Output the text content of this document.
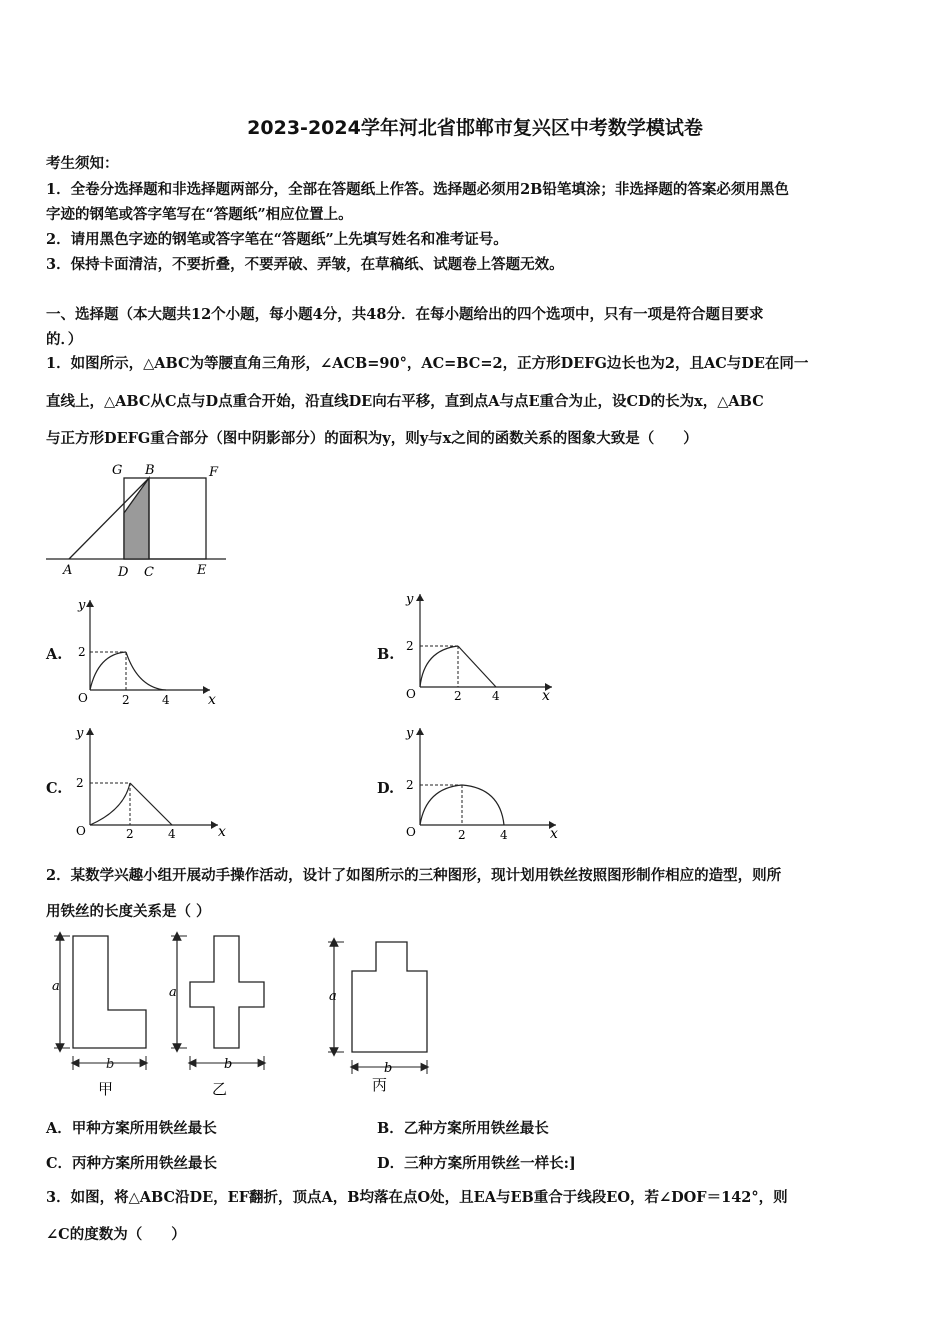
2023-2024学年河北省邯郸市复兴区中考数学模试卷
考生须知：
1．全卷分选择题和非选择题两部分，全部在答题纸上作答。选择题必须用2B铅笔填涂；非选择题的答案必须用黑色
字迹的钢笔或答字笔写在“答题纸”相应位置上。
2．请用黑色字迹的钢笔或答字笔在“答题纸”上先填写姓名和准考证号。
3．保持卡面清洁，不要折叠，不要弄破、弄皱，在草稿纸、试题卷上答题无效。
一、选择题（本大题共12个小题，每小题4分，共48分．在每小题给出的四个选项中，只有一项是符合题目要求
的．）
1．如图所示，△ABC为等腰直角三角形，∠ACB=90°，AC=BC=2，正方形DEFG边长也为2，且AC与DE在同一
直线上，△ABC从C点与D点重合开始，沿直线DE向右平移，直到点A与点E重合为止，设CD的长为x，△ABC
与正方形DEFG重合部分（图中阴影部分）的面积为y，则y与x之间的函数关系的图象大致是（　　）
G B	F
A	D C	E
A.	B.
C.	D.
y
x
O
2
2	4
y
x
O
2
2	4
y
x
O
2
2	4
y
x
O
2
2	4
2．某数学兴趣小组开展动手操作活动，设计了如图所示的三种图形，现计划用铁丝按照图形制作相应的造型，则所
用铁丝的长度关系是（ ）
a
b
甲
a
b
乙
a
b
丙
A．甲种方案所用铁丝最长	B．乙种方案所用铁丝最长
C．丙种方案所用铁丝最长	D．三种方案所用铁丝一样长:]
3．如图，将△ABC沿DE，EF翻折，顶点A，B均落在点O处，且EA与EB重合于线段EO，若∠DOF＝142°，则
∠C的度数为（　　）
